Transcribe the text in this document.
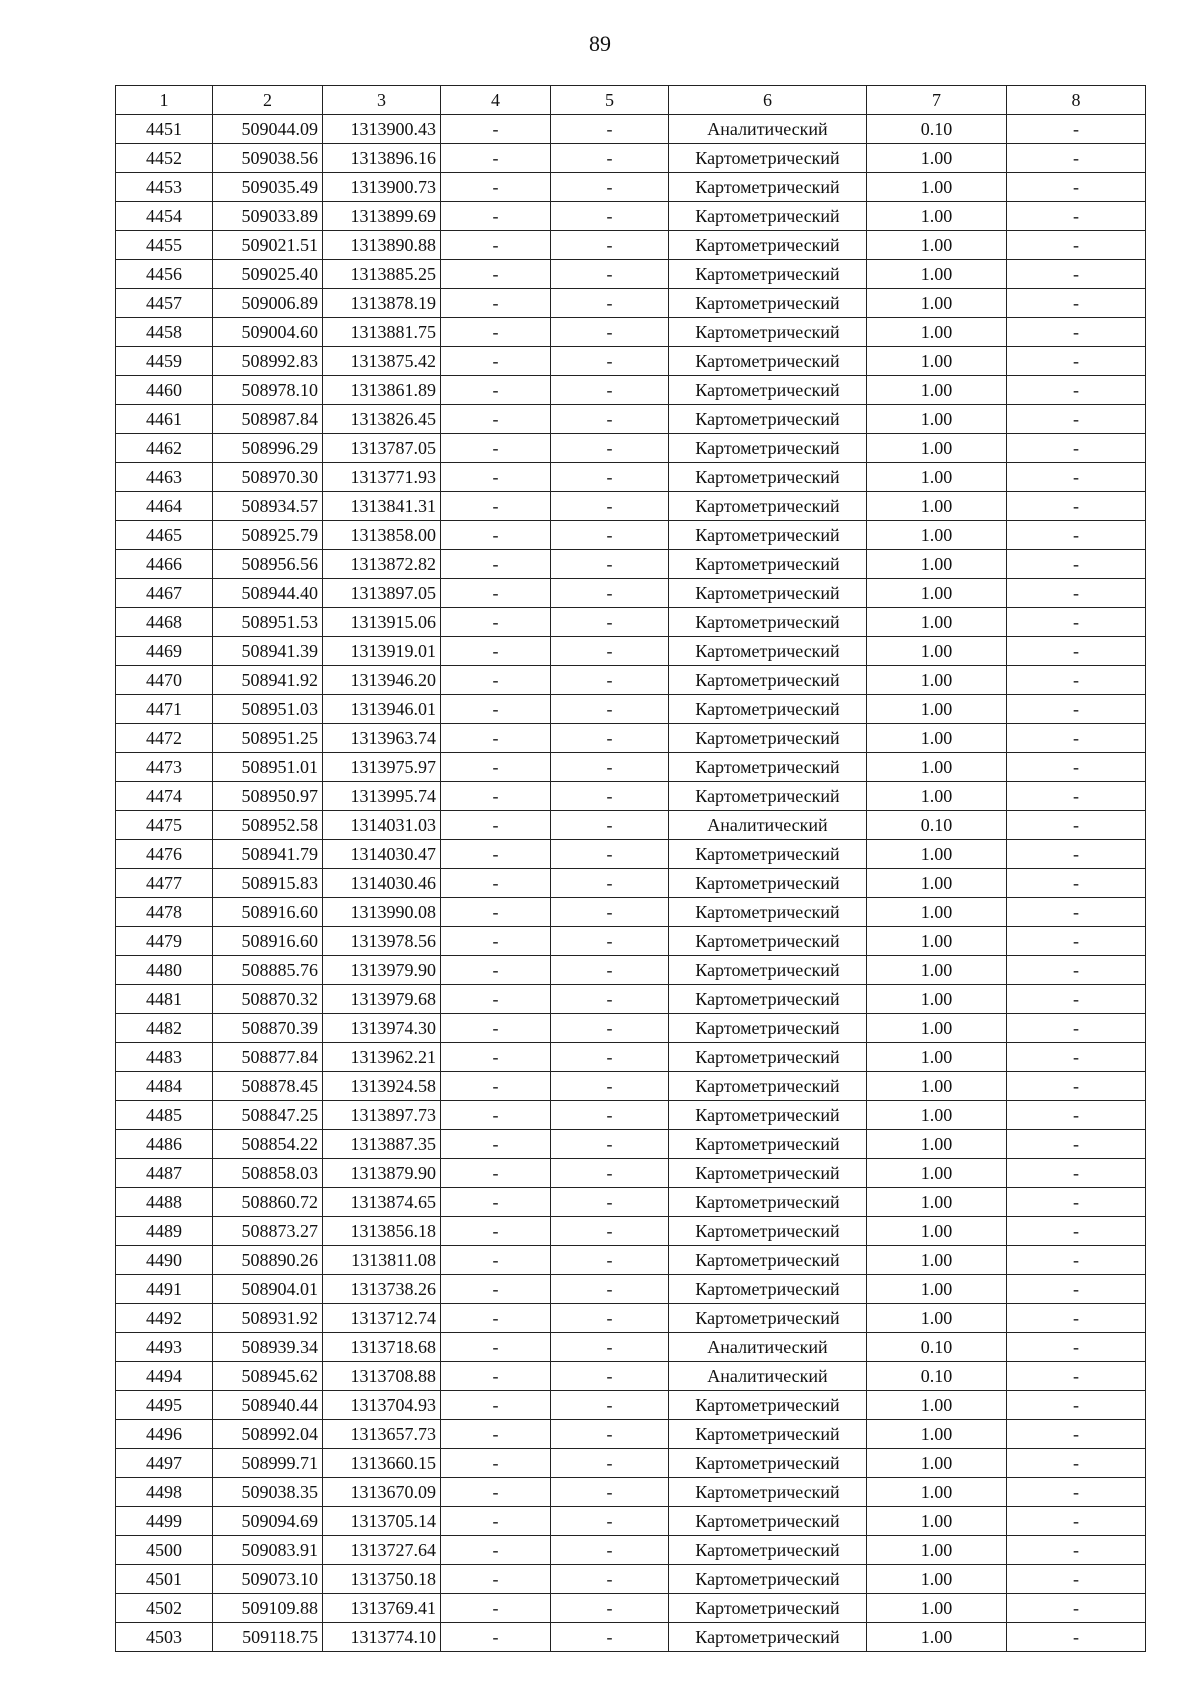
89
1	2	3	4	5	6	7	8
4451	509044.09	1313900.43	-	-	Аналитический	0.10	-
4452	509038.56	1313896.16	-	-	Картометрический	1.00	-
4453	509035.49	1313900.73	-	-	Картометрический	1.00	-
4454	509033.89	1313899.69	-	-	Картометрический	1.00	-
4455	509021.51	1313890.88	-	-	Картометрический	1.00	-
4456	509025.40	1313885.25	-	-	Картометрический	1.00	-
4457	509006.89	1313878.19	-	-	Картометрический	1.00	-
4458	509004.60	1313881.75	-	-	Картометрический	1.00	-
4459	508992.83	1313875.42	-	-	Картометрический	1.00	-
4460	508978.10	1313861.89	-	-	Картометрический	1.00	-
4461	508987.84	1313826.45	-	-	Картометрический	1.00	-
4462	508996.29	1313787.05	-	-	Картометрический	1.00	-
4463	508970.30	1313771.93	-	-	Картометрический	1.00	-
4464	508934.57	1313841.31	-	-	Картометрический	1.00	-
4465	508925.79	1313858.00	-	-	Картометрический	1.00	-
4466	508956.56	1313872.82	-	-	Картометрический	1.00	-
4467	508944.40	1313897.05	-	-	Картометрический	1.00	-
4468	508951.53	1313915.06	-	-	Картометрический	1.00	-
4469	508941.39	1313919.01	-	-	Картометрический	1.00	-
4470	508941.92	1313946.20	-	-	Картометрический	1.00	-
4471	508951.03	1313946.01	-	-	Картометрический	1.00	-
4472	508951.25	1313963.74	-	-	Картометрический	1.00	-
4473	508951.01	1313975.97	-	-	Картометрический	1.00	-
4474	508950.97	1313995.74	-	-	Картометрический	1.00	-
4475	508952.58	1314031.03	-	-	Аналитический	0.10	-
4476	508941.79	1314030.47	-	-	Картометрический	1.00	-
4477	508915.83	1314030.46	-	-	Картометрический	1.00	-
4478	508916.60	1313990.08	-	-	Картометрический	1.00	-
4479	508916.60	1313978.56	-	-	Картометрический	1.00	-
4480	508885.76	1313979.90	-	-	Картометрический	1.00	-
4481	508870.32	1313979.68	-	-	Картометрический	1.00	-
4482	508870.39	1313974.30	-	-	Картометрический	1.00	-
4483	508877.84	1313962.21	-	-	Картометрический	1.00	-
4484	508878.45	1313924.58	-	-	Картометрический	1.00	-
4485	508847.25	1313897.73	-	-	Картометрический	1.00	-
4486	508854.22	1313887.35	-	-	Картометрический	1.00	-
4487	508858.03	1313879.90	-	-	Картометрический	1.00	-
4488	508860.72	1313874.65	-	-	Картометрический	1.00	-
4489	508873.27	1313856.18	-	-	Картометрический	1.00	-
4490	508890.26	1313811.08	-	-	Картометрический	1.00	-
4491	508904.01	1313738.26	-	-	Картометрический	1.00	-
4492	508931.92	1313712.74	-	-	Картометрический	1.00	-
4493	508939.34	1313718.68	-	-	Аналитический	0.10	-
4494	508945.62	1313708.88	-	-	Аналитический	0.10	-
4495	508940.44	1313704.93	-	-	Картометрический	1.00	-
4496	508992.04	1313657.73	-	-	Картометрический	1.00	-
4497	508999.71	1313660.15	-	-	Картометрический	1.00	-
4498	509038.35	1313670.09	-	-	Картометрический	1.00	-
4499	509094.69	1313705.14	-	-	Картометрический	1.00	-
4500	509083.91	1313727.64	-	-	Картометрический	1.00	-
4501	509073.10	1313750.18	-	-	Картометрический	1.00	-
4502	509109.88	1313769.41	-	-	Картометрический	1.00	-
4503	509118.75	1313774.10	-	-	Картометрический	1.00	-
